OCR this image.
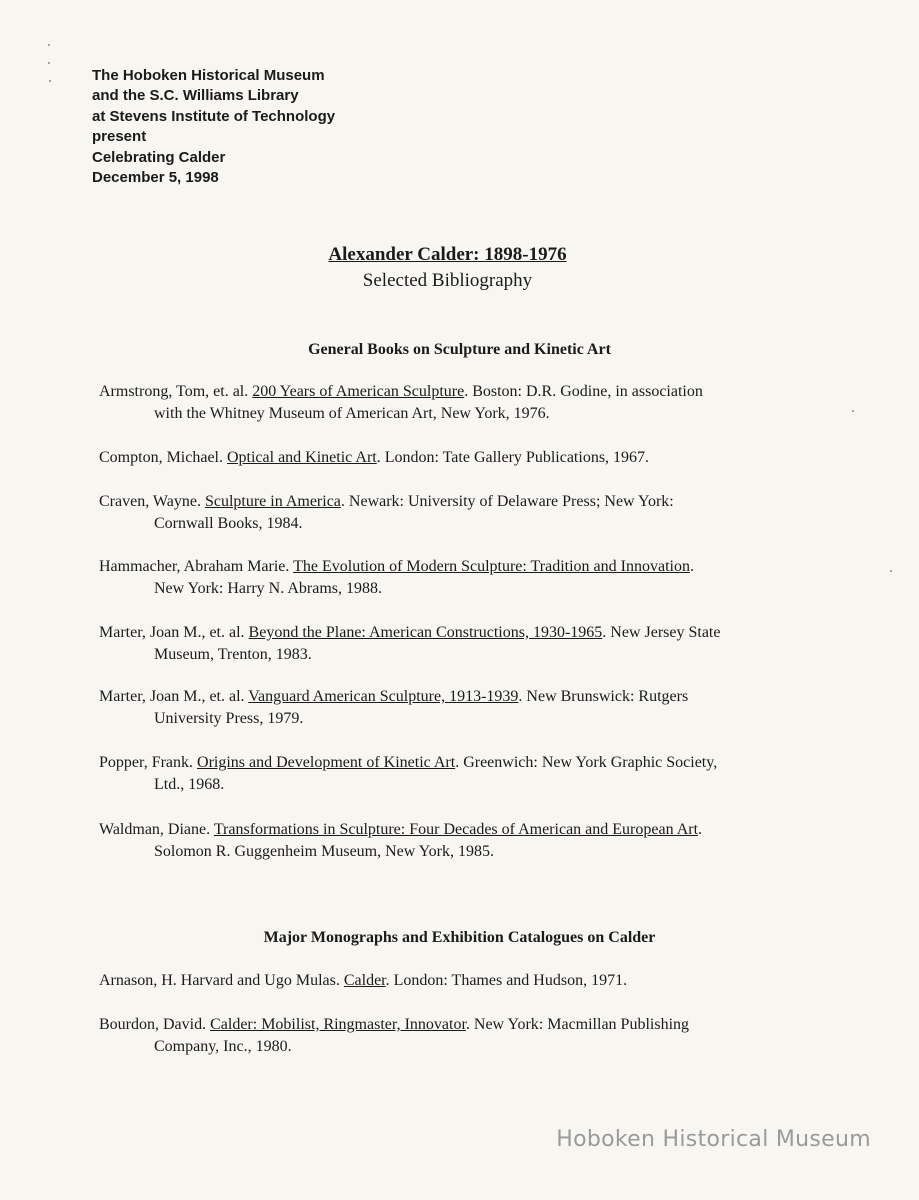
The Hoboken Historical Museum
and the S.C. Williams Library
at Stevens Institute of Technology
present
Celebrating Calder
December 5, 1998
Alexander Calder: 1898-1976
Selected Bibliography
General Books on Sculpture and Kinetic Art
Armstrong, Tom, et. al. 200 Years of American Sculpture. Boston: D.R. Godine, in association
with the Whitney Museum of American Art, New York, 1976.
Compton, Michael. Optical and Kinetic Art. London: Tate Gallery Publications, 1967.
Craven, Wayne. Sculpture in America. Newark: University of Delaware Press; New York:
Cornwall Books, 1984.
Hammacher, Abraham Marie. The Evolution of Modern Sculpture: Tradition and Innovation.
New York: Harry N. Abrams, 1988.
Marter, Joan M., et. al. Beyond the Plane: American Constructions, 1930-1965. New Jersey State
Museum, Trenton, 1983.
Marter, Joan M., et. al. Vanguard American Sculpture, 1913-1939. New Brunswick: Rutgers
University Press, 1979.
Popper, Frank. Origins and Development of Kinetic Art. Greenwich: New York Graphic Society,
Ltd., 1968.
Waldman, Diane. Transformations in Sculpture: Four Decades of American and European Art.
Solomon R. Guggenheim Museum, New York, 1985.
Major Monographs and Exhibition Catalogues on Calder
Arnason, H. Harvard and Ugo Mulas. Calder. London: Thames and Hudson, 1971.
Bourdon, David. Calder: Mobilist, Ringmaster, Innovator. New York: Macmillan Publishing
Company, Inc., 1980.
Hoboken Historical Museum
